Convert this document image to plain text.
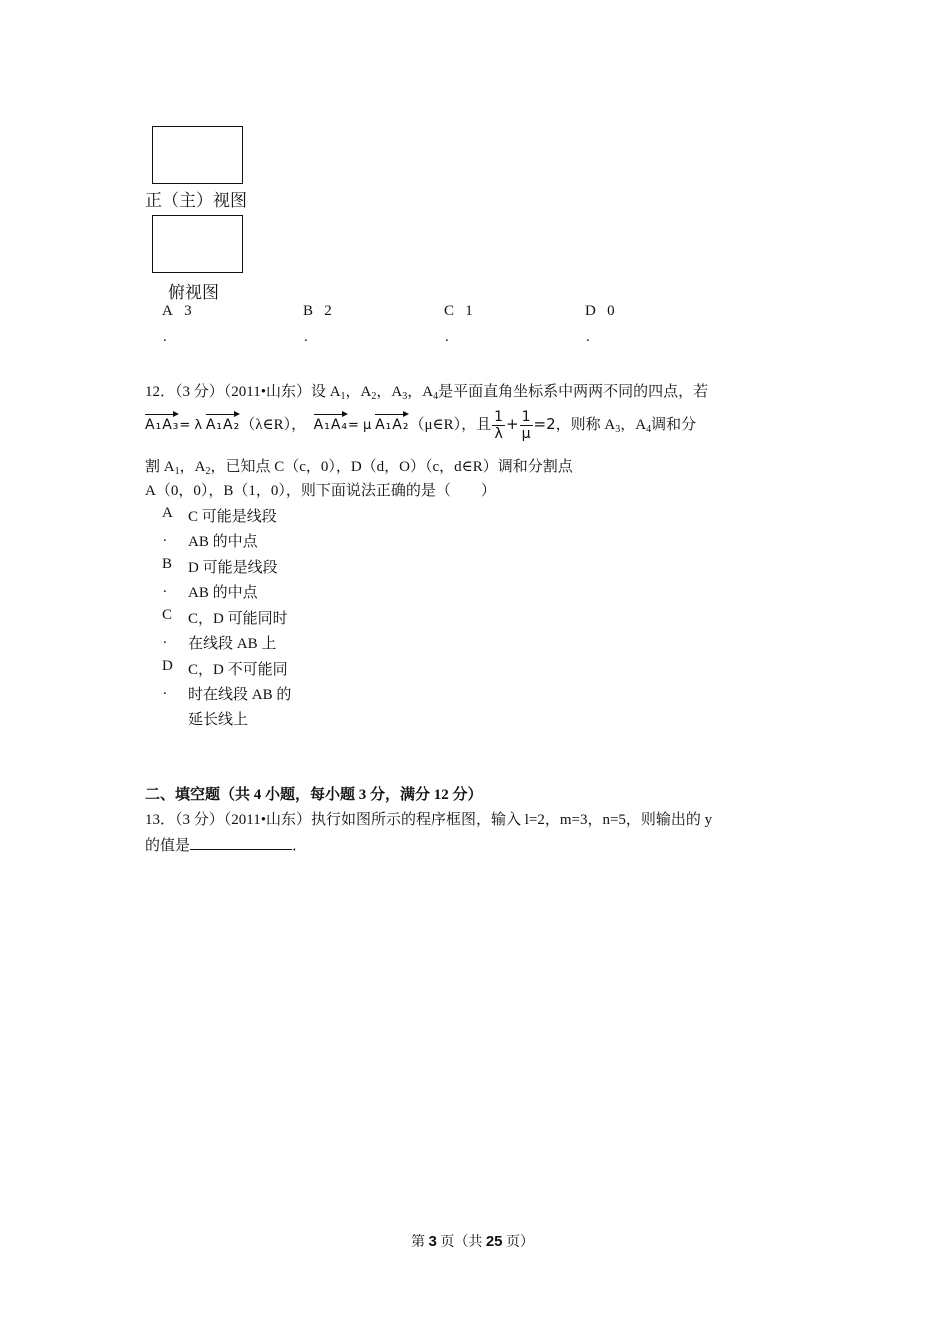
正（主）视图
俯视图
A 3
.
B 2
.
C 1
.
D 0
.
12．（3 分）（2011•山东）设 $A_1$，$A_2$，$A_3$，$A_4$是平面直角坐标系中两两不同的四点，若
A₁A₃= λ A₁A₂（λ∈R）， A₁A₄= μ A₁A₂（μ∈R），且 $\frac{1}{\lambda} + \frac{1}{\mu} =2$，则称 $A_3$，$A_4$调和分
割 $A_1$，$A_2$，已知点 C（c，0），D（d，O）（c，d∈R）调和分割点
A（0，0），B（1，0），则下面说法正确的是（　　）
A C 可能是线段
. AB 的中点
B D 可能是线段
. AB 的中点
C C，D 可能同时
. 在线段 AB 上
D C，D 不可能同
. 时在线段 AB 的
延长线上
二、填空题（共 4 小题，每小题 3 分，满分 12 分）
13．（3 分）（2011•山东）执行如图所示的程序框图，输入 l=2，m=3，n=5，则输出的 y
的值是	．
第 3 页（共 25 页）
